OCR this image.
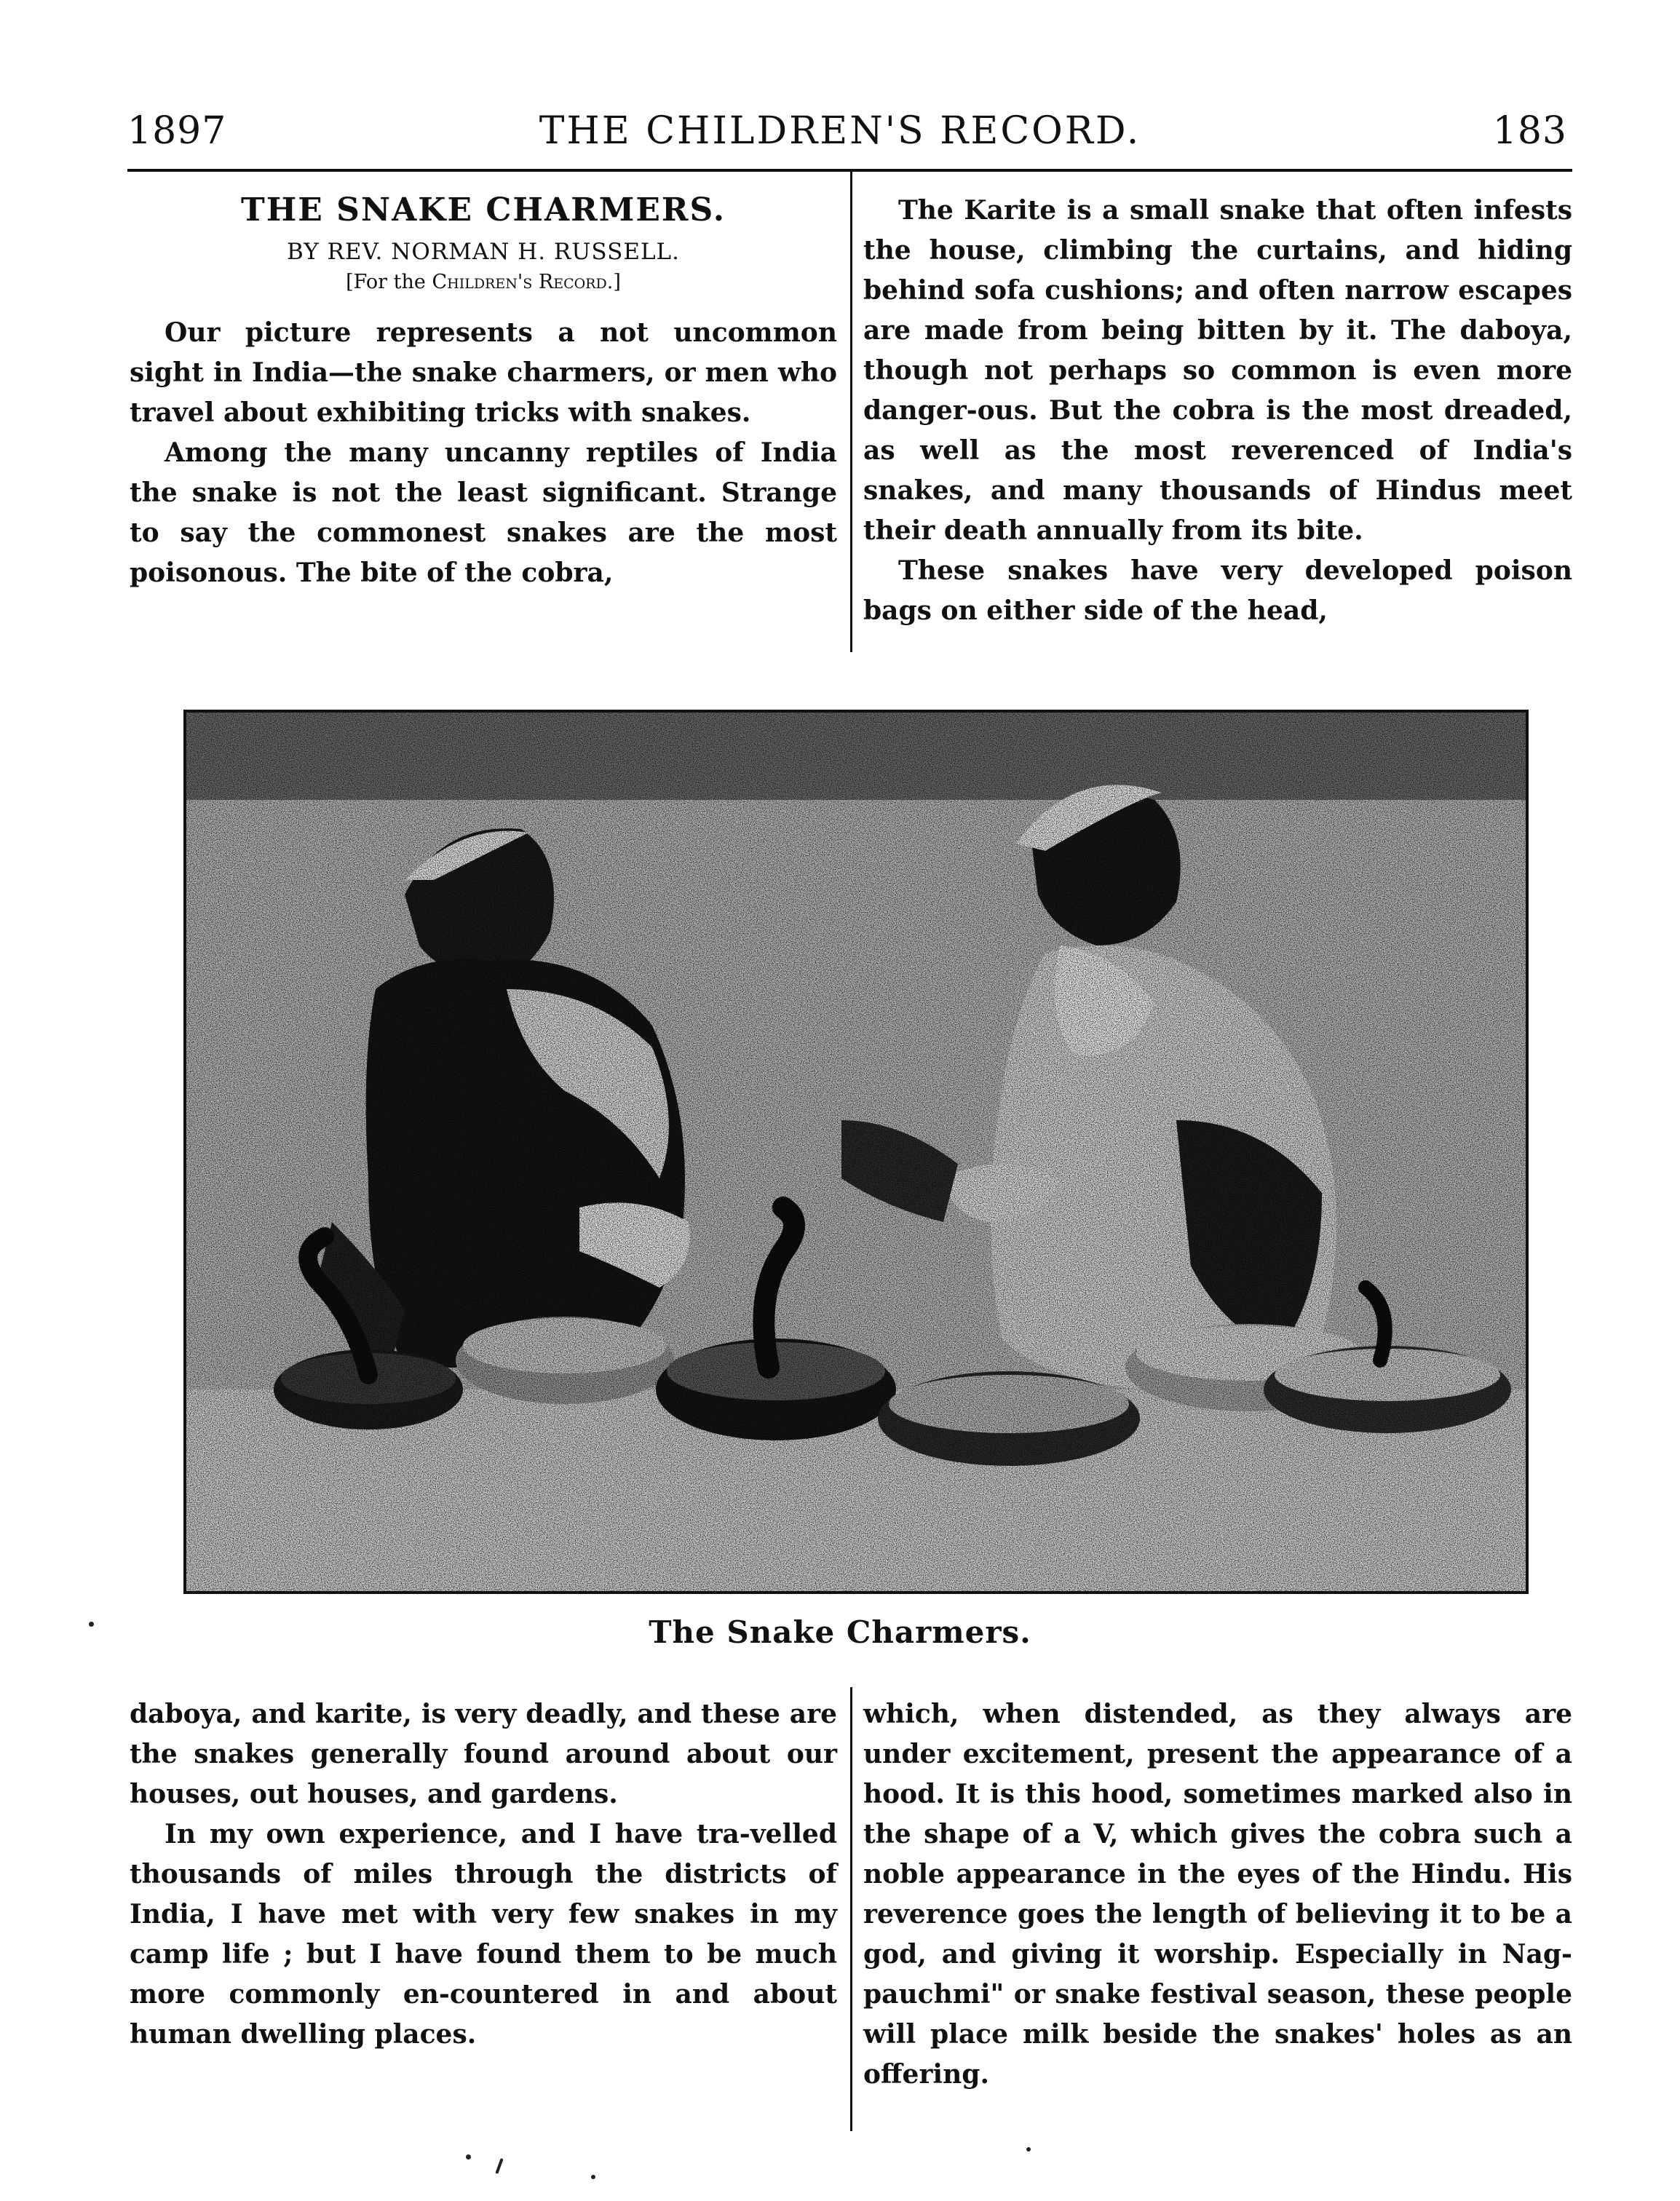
1897	THE CHILDREN'S RECORD.	183
THE SNAKE CHARMERS.
BY REV. NORMAN H. RUSSELL.
[For the Children's Record.]

Our picture represents a not uncommon sight in India—the snake charmers, or men who travel about exhibiting tricks with snakes.

Among the many uncanny reptiles of India the snake is not the least significant. Strange to say the commonest snakes are the most poisonous. The bite of the cobra,

The Karite is a small snake that often infests the house, climbing the curtains, and hiding behind sofa cushions; and often narrow escapes are made from being bitten by it. The daboya, though not perhaps so common is even more danger-ous. But the cobra is the most dreaded, as well as the most reverenced of India's snakes, and many thousands of Hindus meet their death annually from its bite.

These snakes have very developed poison bags on either side of the head,

The Snake Charmers.

daboya, and karite, is very deadly, and these are the snakes generally found around about our houses, out houses, and gardens.

In my own experience, and I have tra-velled thousands of miles through the districts of India, I have met with very few snakes in my camp life ; but I have found them to be much more commonly en-countered in and about human dwelling places.

which, when distended, as they always are under excitement, present the appearance of a hood. It is this hood, sometimes marked also in the shape of a V, which gives the cobra such a noble appearance in the eyes of the Hindu. His reverence goes the length of believing it to be a god, and giving it worship. Especially in Nag-pauchmi" or snake festival season, these people will place milk beside the snakes' holes as an offering.
